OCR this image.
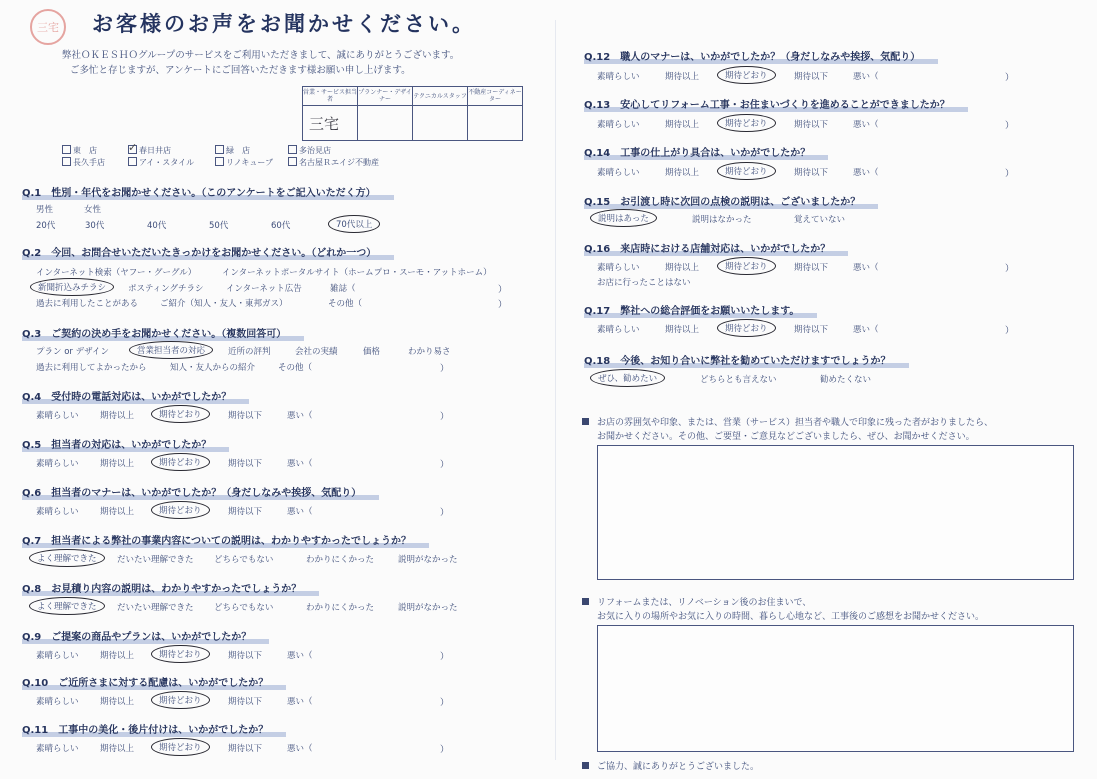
三宅	お客様のお声をお聞かせください。
弊社ＯＫＥＳＨＯグループのサービスをご利用いただきまして、誠にありがとうございます。
ご多忙と存じますが、アンケートにご回答いただきます様お願い申し上げます。
営業・サービス担当者	プランナー・デザイナー	テクニカルスタッフ	不動産コーディネーター
三宅			
東　店 ✓	春日井店	緑　店	多治見店
長久手店	アイ・スタイル	リノキューブ	名古屋Ｒエイジ不動産
Q.1　性別・年代をお聞かせください。（このアンケートをご記入いただく方）
男性	女性
20代	30代	40代	50代	60代	70代以上
Q.2　今回、お問合せいただいたきっかけをお聞かせください。（どれか一つ）
インターネット検索（ヤフー・グーグル）	インターネットポータルサイト（ホームプロ・スーモ・アットホーム）
新聞折込みチラシ	ポスティングチラシ	インターネット広告	雑誌（	）
過去に利用したことがある	ご紹介（知人・友人・東邦ガス）	その他（	）
Q.3　ご契約の決め手をお聞かせください。（複数回答可）
プラン or デザイン	営業担当者の対応	近所の評判	会社の実績	価格	わかり易さ
過去に利用してよかったから	知人・友人からの紹介	その他（	）
Q.4　受付時の電話対応は、いかがでしたか？
素晴らしい	期待以上	期待どおり	期待以下	悪い（	）
Q.5　担当者の対応は、いかがでしたか？
素晴らしい	期待以上	期待どおり	期待以下	悪い（	）
Q.6　担当者のマナーは、いかがでしたか？（身だしなみや挨拶、気配り）
素晴らしい	期待以上	期待どおり	期待以下	悪い（	）
Q.7　担当者による弊社の事業内容についての説明は、わかりやすかったでしょうか？
よく理解できた	だいたい理解できた どちらでもない	わかりにくかった	説明がなかった
Q.8　お見積り内容の説明は、わかりやすかったでしょうか？
よく理解できた	だいたい理解できた どちらでもない	わかりにくかった	説明がなかった
Q.9　ご提案の商品やプランは、いかがでしたか？
素晴らしい	期待以上	期待どおり	期待以下	悪い（	）
Q.10　ご近所さまに対する配慮は、いかがでしたか？
素晴らしい	期待以上	期待どおり	期待以下	悪い（	）
Q.11　工事中の美化・後片付けは、いかがでしたか？
素晴らしい	期待以上	期待どおり	期待以下	悪い（	）
Q.12　職人のマナーは、いかがでしたか？（身だしなみや挨拶、気配り）
素晴らしい	期待以上	期待どおり	期待以下	悪い（	）
Q.13　安心してリフォーム工事・お住まいづくりを進めることができましたか？
素晴らしい	期待以上	期待どおり	期待以下	悪い（	）
Q.14　工事の仕上がり具合は、いかがでしたか？
素晴らしい	期待以上	期待どおり	期待以下	悪い（	）
Q.15　お引渡し時に次回の点検の説明は、ございましたか？
説明はあった	説明はなかった	覚えていない
Q.16　来店時における店舗対応は、いかがでしたか？
素晴らしい	期待以上	期待どおり	期待以下	悪い（	）
お店に行ったことはない
Q.17　弊社への総合評価をお願いいたします。
素晴らしい	期待以上	期待どおり	期待以下	悪い（	）
Q.18　今後、お知り合いに弊社を勧めていただけますでしょうか？
ぜひ、勧めたい	どちらとも言えない	勧めたくない
お店の雰囲気や印象、または、営業（サービス）担当者や職人で印象に残った者がおりましたら、
お聞かせください。その他、ご要望・ご意見などございましたら、ぜひ、お聞かせください。
リフォームまたは、リノベーション後のお住まいで、
お気に入りの場所やお気に入りの時間、暮らし心地など、工事後のご感想をお聞かせください。
ご協力、誠にありがとうございました。
